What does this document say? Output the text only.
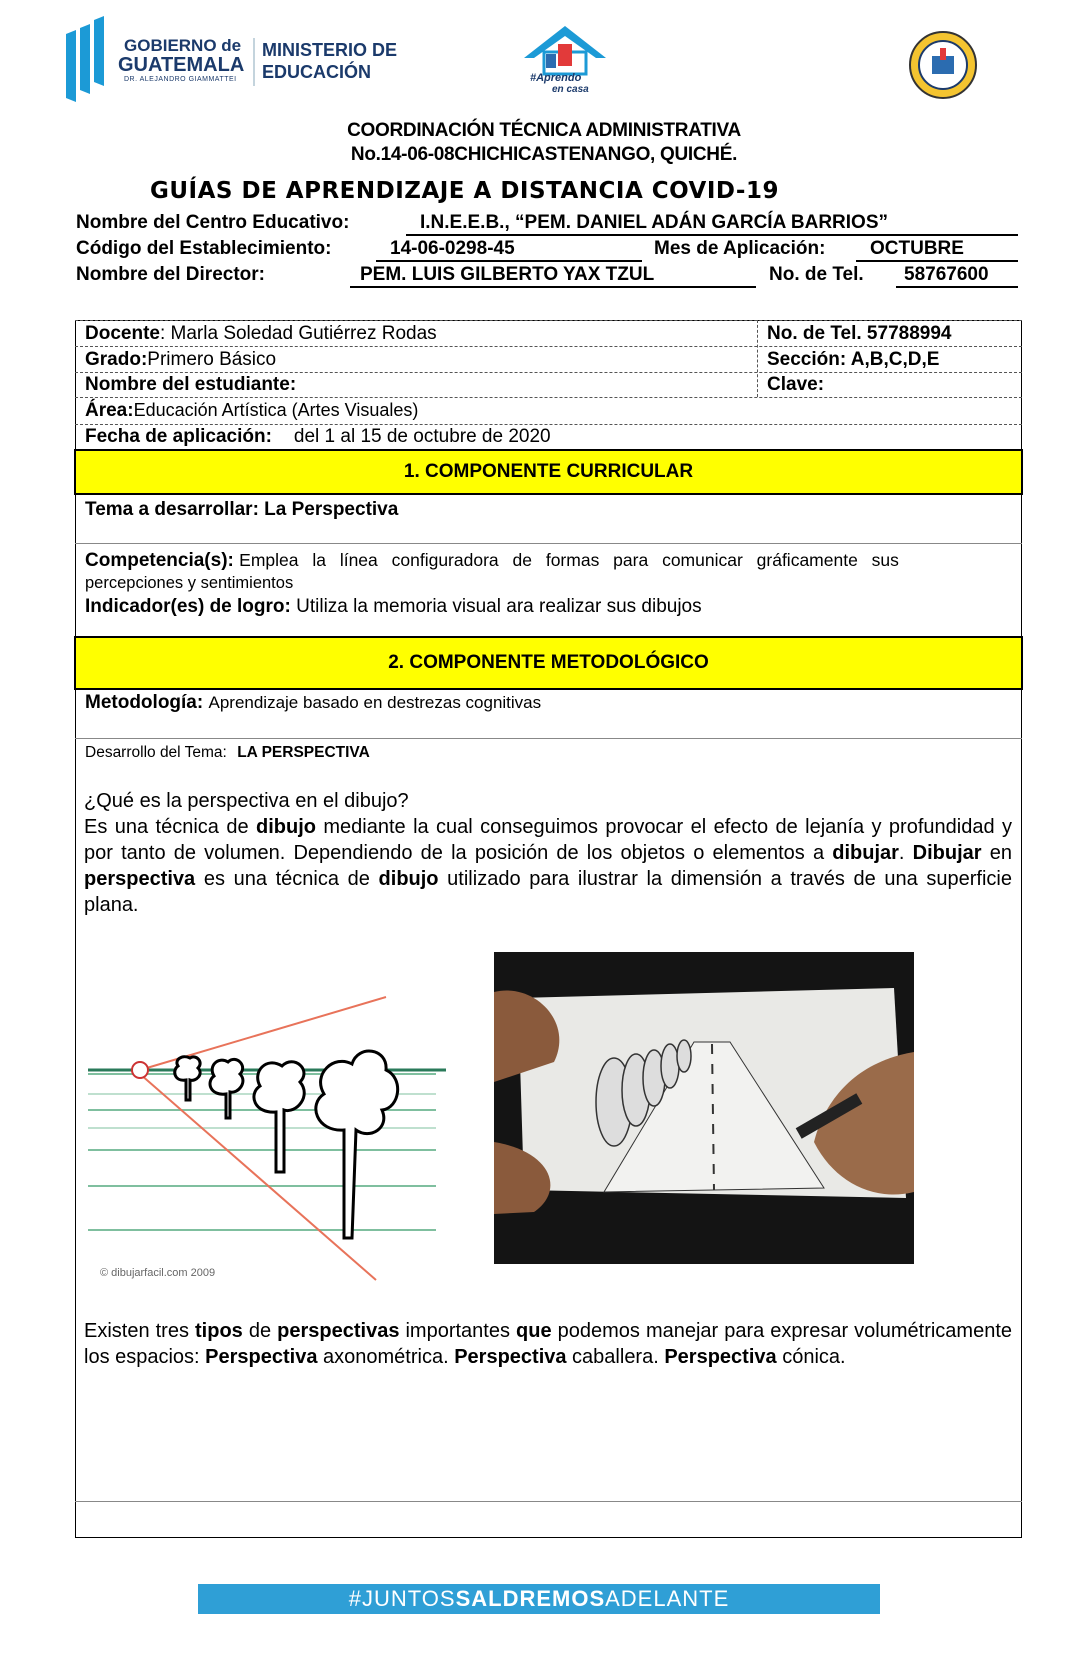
GOBIERNO de
GUATEMALA
DR. ALEJANDRO GIAMMATTEI
MINISTERIO DE
EDUCACIÓN	#Aprendo
en casa
COORDINACIÓN TÉCNICA ADMINISTRATIVA
No.14-06-08CHICHICASTENANGO, QUICHÉ.
GUÍAS DE APRENDIZAJE A DISTANCIA COVID-19
Nombre del Centro Educativo:	I.N.E.E.B., “PEM. DANIEL ADÁN GARCÍA BARRIOS”
Código del Establecimiento:	14-06-0298-45	Mes de Aplicación:	OCTUBRE
Nombre del Director:	PEM. LUIS GILBERTO YAX TZUL	No. de Tel.	58767600
Docente: Marla Soledad Gutiérrez Rodas	No. de Tel. 57788994
Grado:Primero Básico	Sección: A,B,C,D,E
Nombre del estudiante:	Clave:
Área:Educación Artística (Artes Visuales)
Fecha de aplicación: del 1 al 15 de octubre de 2020
1. COMPONENTE CURRICULAR
Tema a desarrollar: La Perspectiva
Competencia(s): Emplea la línea configuradora de formas para comunicar gráficamente sus
percepciones y sentimientos
Indicador(es) de logro: Utiliza la memoria visual ara realizar sus dibujos
2. COMPONENTE METODOLÓGICO
Metodología: Aprendizaje basado en destrezas cognitivas
Desarrollo del Tema: LA PERSPECTIVA
¿Qué es la perspectiva en el dibujo?
Es una técnica de dibujo mediante la cual conseguimos provocar el efecto de lejanía y profundidad y por tanto de volumen. Dependiendo de la posición de los objetos o elementos a dibujar. Dibujar en perspectiva es una técnica de dibujo utilizado para ilustrar la dimensión a través de una superficie plana.
© dibujarfacil.com 2009
Existen tres tipos de perspectivas importantes que podemos manejar para expresar volumétricamente los espacios: Perspectiva axonométrica. Perspectiva caballera. Perspectiva cónica.
#JUNTOSSALDREMOSADELANTE
